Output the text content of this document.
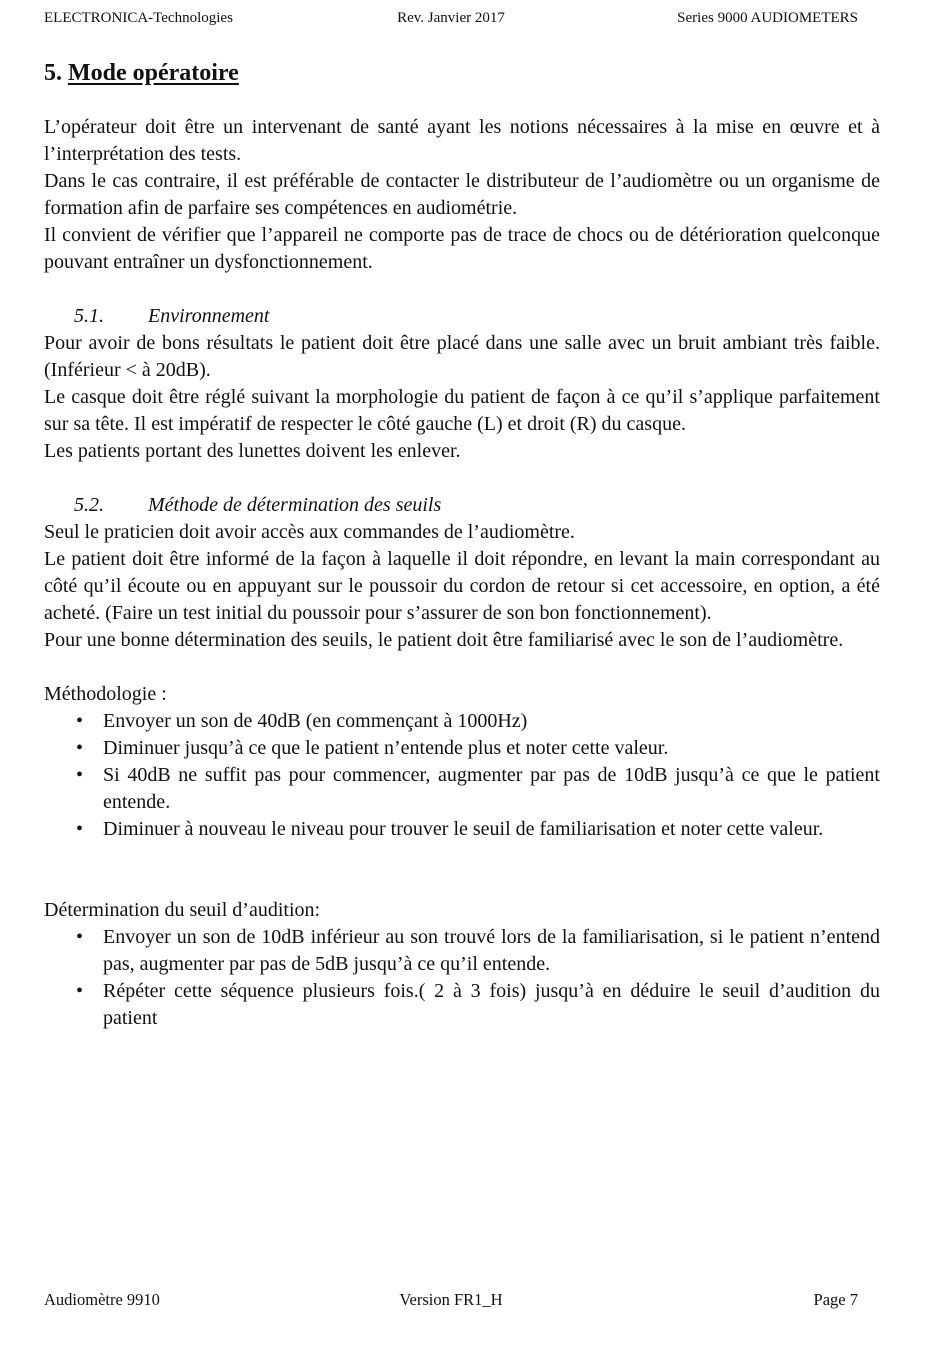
ELECTRONICA-Technologies	Rev. Janvier 2017	Series 9000 AUDIOMETERS
5. Mode opératoire

L’opérateur doit être un intervenant de santé ayant les notions nécessaires à la mise en œuvre et à l’interprétation des tests.

Dans le cas contraire, il est préférable de contacter le distributeur de l’audiomètre ou un organisme de formation afin de parfaire ses compétences en audiométrie.

Il convient de vérifier que l’appareil ne comporte pas de trace de chocs ou de détérioration quelconque pouvant entraîner un dysfonctionnement.

5.1. Environnement

Pour avoir de bons résultats le patient doit être placé dans une salle avec un bruit ambiant très faible. (Inférieur < à 20dB).

Le casque doit être réglé suivant la morphologie du patient de façon à ce qu’il s’applique parfaitement sur sa tête. Il est impératif de respecter le côté gauche (L) et droit (R) du casque.

Les patients portant des lunettes doivent les enlever.

5.2. Méthode de détermination des seuils

Seul le praticien doit avoir accès aux commandes de l’audiomètre.

Le patient doit être informé de la façon à laquelle il doit répondre, en levant la main correspondant au côté qu’il écoute ou en appuyant sur le poussoir du cordon de retour si cet accessoire, en option, a été acheté. (Faire un test initial du poussoir pour s’assurer de son bon fonctionnement).

Pour une bonne détermination des seuils, le patient doit être familiarisé avec le son de l’audiomètre.

Méthodologie :

• Envoyer un son de 40dB (en commençant à 1000Hz)
• Diminuer jusqu’à ce que le patient n’entende plus et noter cette valeur.
• Si 40dB ne suffit pas pour commencer, augmenter par pas de 10dB jusqu’à ce que le patient entende.
• Diminuer à nouveau le niveau pour trouver le seuil de familiarisation et noter cette valeur.

Détermination du seuil d’audition:

• Envoyer un son de 10dB inférieur au son trouvé lors de la familiarisation, si le patient n’entend pas, augmenter par pas de 5dB jusqu’à ce qu’il entende.
• Répéter cette séquence plusieurs fois.( 2 à 3 fois) jusqu’à en déduire le seuil d’audition du patient
Audiomètre 9910	Version FR1_H	Page 7
